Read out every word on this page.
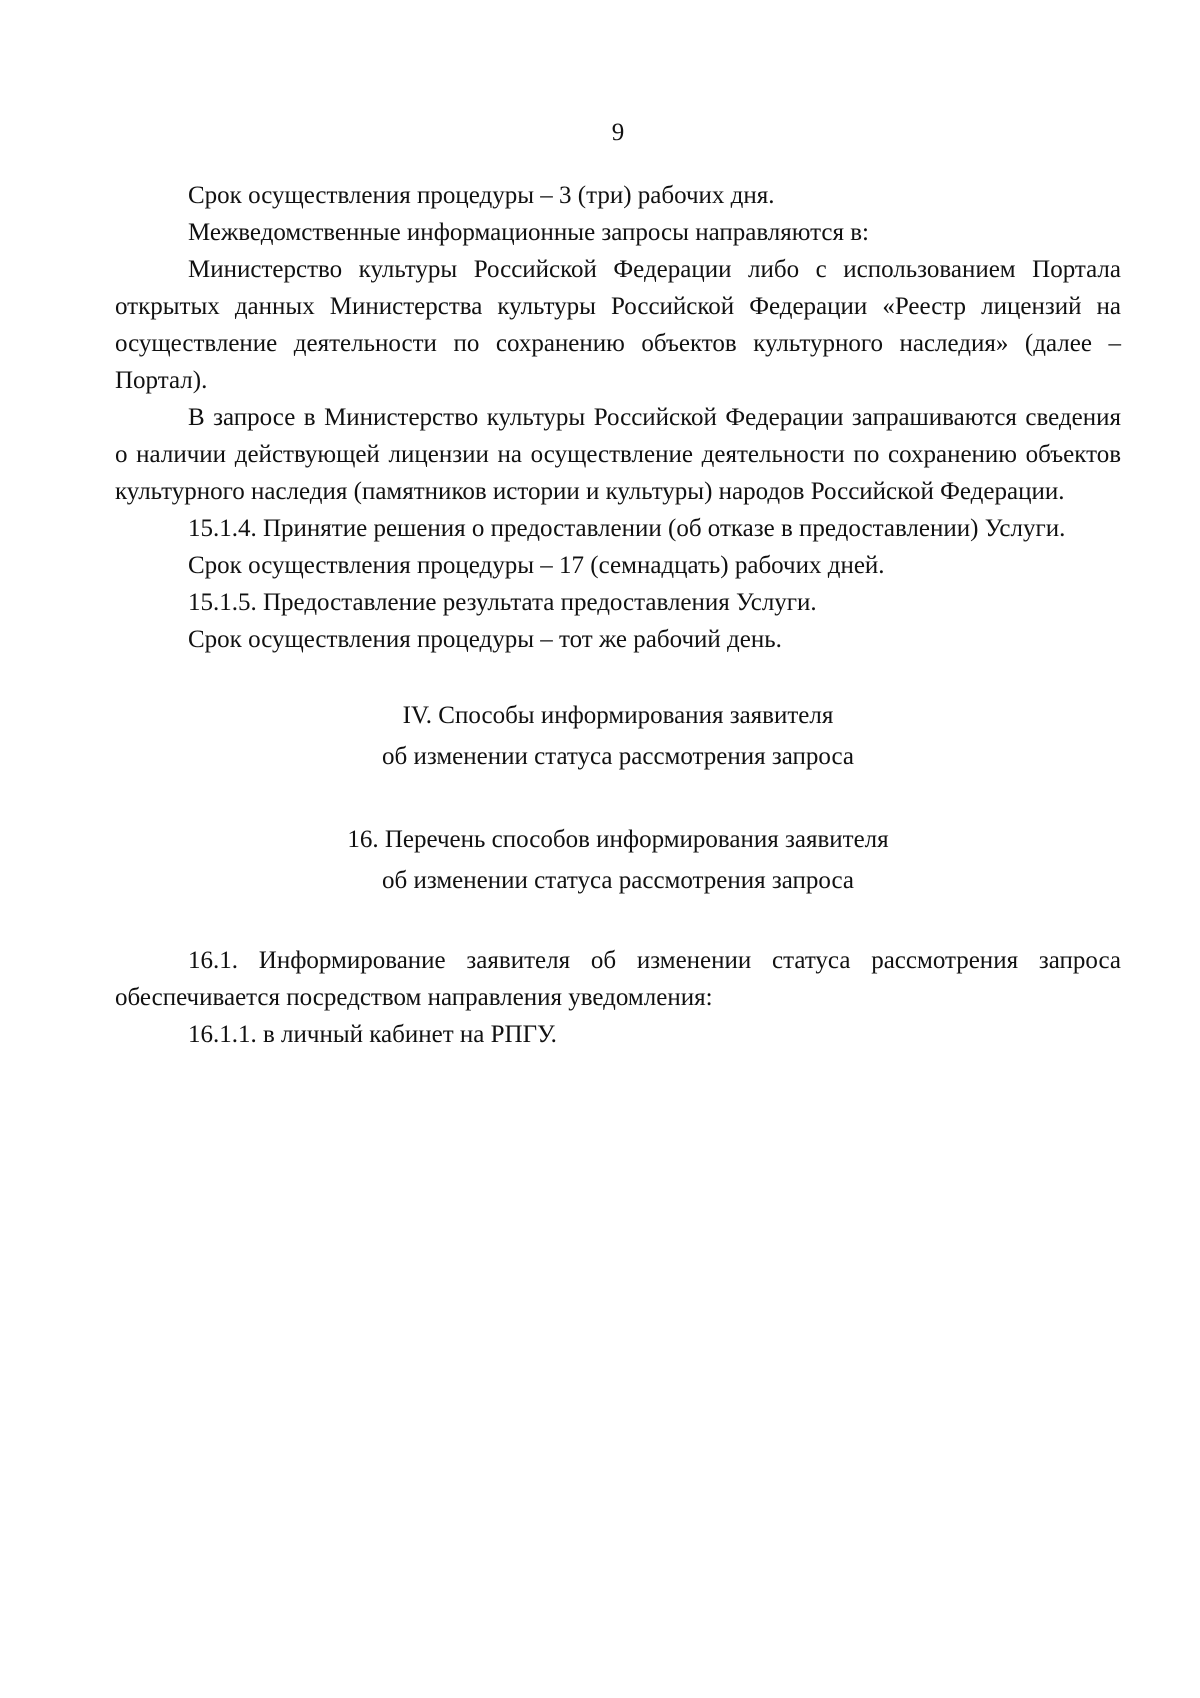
9

Срок осуществления процедуры – 3 (три) рабочих дня.

Межведомственные информационные запросы направляются в:

Министерство культуры Российской Федерации либо с использованием Портала открытых данных Министерства культуры Российской Федерации «Реестр лицензий на осуществление деятельности по сохранению объектов культурного наследия» (далее – Портал).

В запросе в Министерство культуры Российской Федерации запрашиваются сведения о наличии действующей лицензии на осуществление деятельности по сохранению объектов культурного наследия (памятников истории и культуры) народов Российской Федерации.

15.1.4. Принятие решения о предоставлении (об отказе в предоставлении) Услуги.

Срок осуществления процедуры – 17 (семнадцать) рабочих дней.

15.1.5. Предоставление результата предоставления Услуги.

Срок осуществления процедуры – тот же рабочий день.

IV. Способы информирования заявителя
об изменении статуса рассмотрения запроса
16. Перечень способов информирования заявителя
об изменении статуса рассмотрения запроса

16.1. Информирование заявителя об изменении статуса рассмотрения запроса обеспечивается посредством направления уведомления:

16.1.1. в личный кабинет на РПГУ.
